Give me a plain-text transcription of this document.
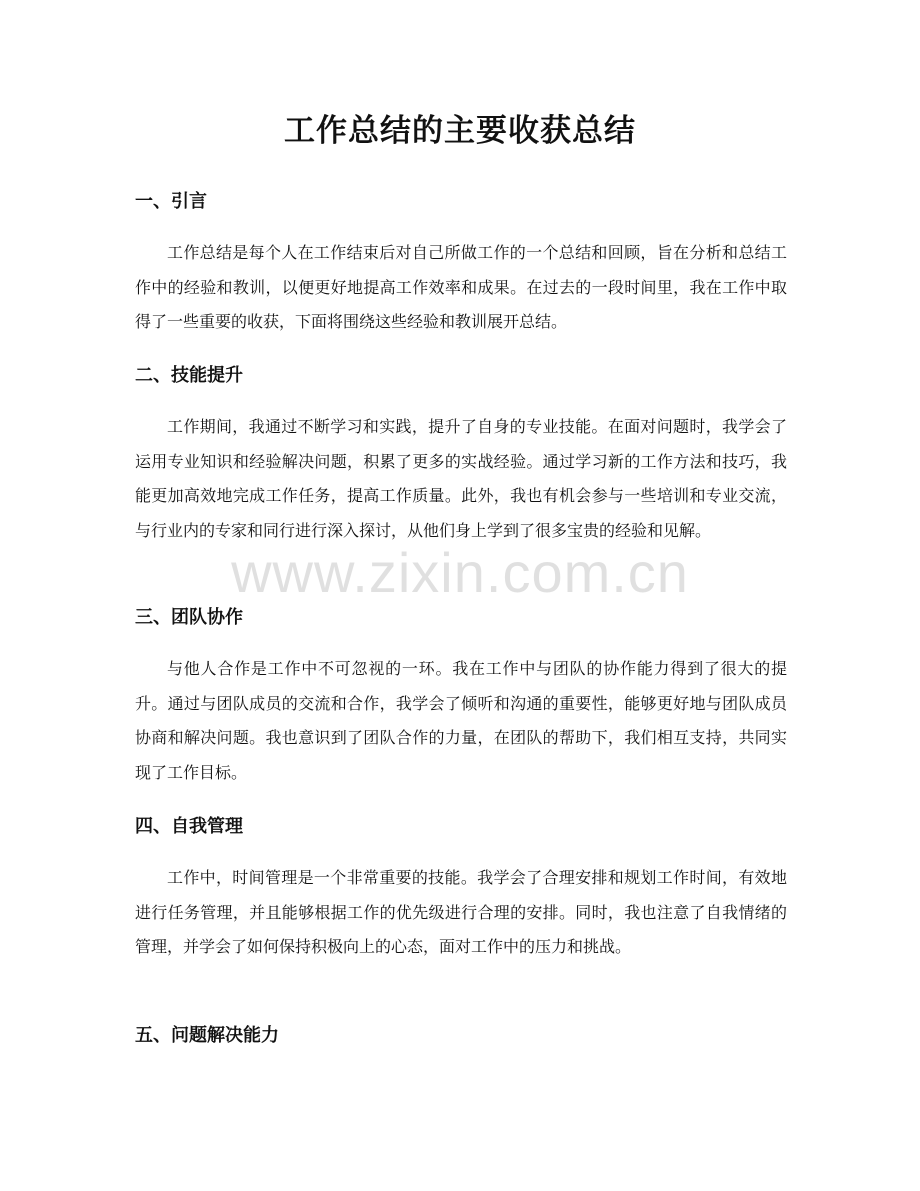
工作总结的主要收获总结
一、引言

工作总结是每个人在工作结束后对自己所做工作的一个总结和回顾，旨在分析和总结工作中的经验和教训，以便更好地提高工作效率和成果。在过去的一段时间里，我在工作中取得了一些重要的收获，下面将围绕这些经验和教训展开总结。

二、技能提升

工作期间，我通过不断学习和实践，提升了自身的专业技能。在面对问题时，我学会了运用专业知识和经验解决问题，积累了更多的实战经验。通过学习新的工作方法和技巧，我能更加高效地完成工作任务，提高工作质量。此外，我也有机会参与一些培训和专业交流，与行业内的专家和同行进行深入探讨，从他们身上学到了很多宝贵的经验和见解。

三、团队协作

与他人合作是工作中不可忽视的一环。我在工作中与团队的协作能力得到了很大的提升。通过与团队成员的交流和合作，我学会了倾听和沟通的重要性，能够更好地与团队成员协商和解决问题。我也意识到了团队合作的力量，在团队的帮助下，我们相互支持，共同实现了工作目标。

四、自我管理

工作中，时间管理是一个非常重要的技能。我学会了合理安排和规划工作时间，有效地进行任务管理，并且能够根据工作的优先级进行合理的安排。同时，我也注意了自我情绪的管理，并学会了如何保持积极向上的心态，面对工作中的压力和挑战。

五、问题解决能力
www.zixin.com.cn
